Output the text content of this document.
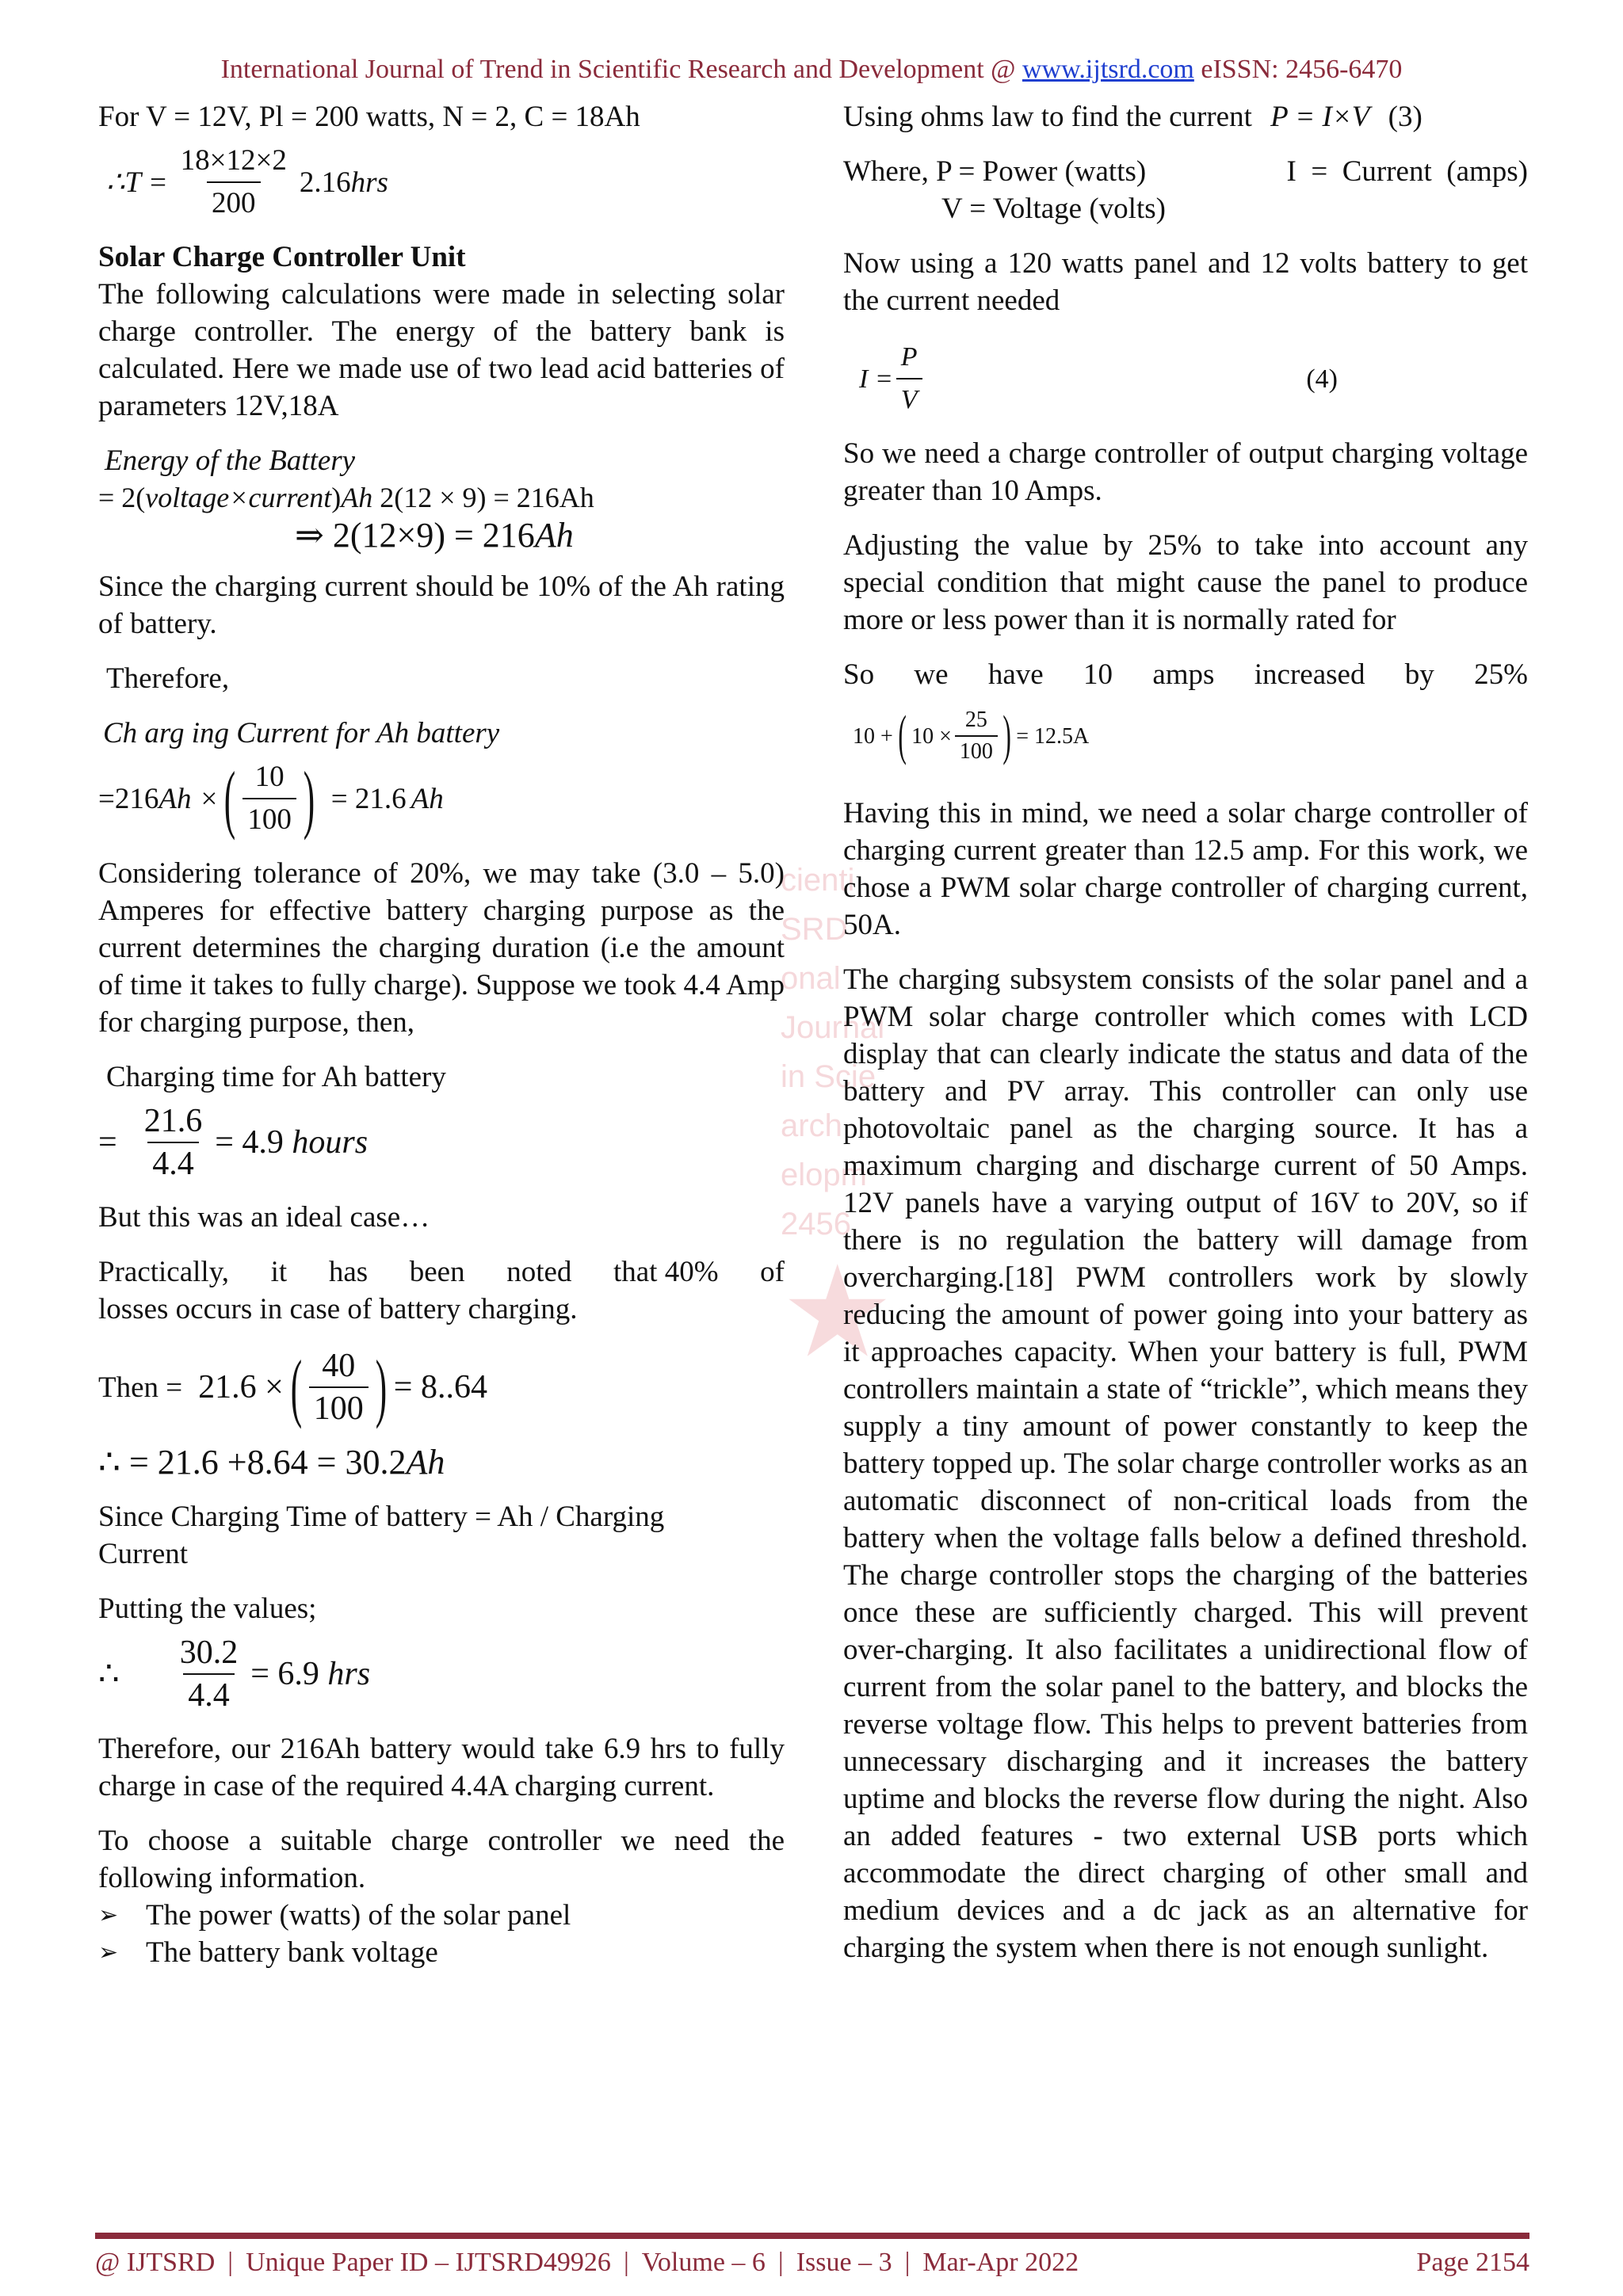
International Journal of Trend in Scientific Research and Development @ www.ijtsrd.com eISSN: 2456-6470
cienti
SRD
onal Journal
in Scie
arch
elopm
2456
★

For V = 12V, Pl = 200 watts, N = 2, C = 18Ah

∴T = $\frac{18\times 12\times 2}{200} 2.16$ hrs

Solar Charge Controller Unit

The following calculations were made in selecting solar charge controller. The energy of the battery bank is calculated. Here we made use of two lead acid batteries of parameters 12V,18A

Energy of the Battery
= 2(voltage×current)Ah 2(12 × 9) = 216Ah
⇒ 2(12×9) = 216Ah

Since the charging current should be 10% of the Ah rating of battery.

Therefore,

Ch arg ing Current for Ah battery
=216 Ah × ( $\frac{10}{100}$ ) = 21.6 Ah

Considering tolerance of 20%, we may take (3.0 – 5.0) Amperes for effective battery charging purpose as the current determines the charging duration (i.e the amount of time it takes to fully charge). Suppose we took 4.4 Amp for charging purpose, then,

Charging time for Ah battery
= $\frac{21.6}{4.4} = 4.9$
hours

But this was an ideal case…

Practically, it has been noted that 40% of

losses occurs in case of battery charging.

Then = 21.6 × ( $\frac{40}{100}$ ) = 8..64
∴ = 21.6 +8.64 = 30.2Ah
Since Charging Time of battery = Ah / Charging

Current

Putting the values;
∴ $\frac{30.2}{4.4} = 6.9$
hrs

Therefore, our 216Ah battery would take 6.9 hrs to fully charge in case of the required 4.4A charging current.

To choose a suitable charge controller we need the following information.

➢ The power (watts) of the solar panel
➢ The battery bank voltage
Using ohms law to find the current P = I×V (3)
Where, P = Power (watts)	I  =  Current  (amps)

V = Voltage (volts)

Now using a 120 watts panel and 12 volts battery to get the current needed

$I = \frac{P}{V}$	(4)

So we need a charge controller of output charging voltage greater than 10 Amps.

Adjusting the value by 25% to take into account any special condition that might cause the panel to produce more or less power than it is normally rated for

So we have 10 amps increased by 25%
10 + ( $10 \times \frac{25}{100}$ ) = 12.5A

Having this in mind, we need a solar charge controller of charging current greater than 12.5 amp. For this work, we chose a PWM solar charge controller of charging current, 50A.

The charging subsystem consists of the solar panel and a PWM solar charge controller which comes with LCD display that can clearly indicate the status and data of the battery and PV array. This controller can only use photovoltaic panel as the charging source. It has a maximum charging and discharge current of 50 Amps. 12V panels have a varying output of 16V to 20V, so if there is no regulation the battery will damage from overcharging.[18] PWM controllers work by slowly reducing the amount of power going into your battery as it approaches capacity. When your battery is full, PWM controllers maintain a state of “trickle”, which means they supply a tiny amount of power constantly to keep the battery topped up. The solar charge controller works as an automatic disconnect of non-critical loads from the battery when the voltage falls below a defined threshold. The charge controller stops the charging of the batteries once these are sufficiently charged. This will prevent over-charging. It also facilitates a unidirectional flow of current from the solar panel to the battery, and blocks the reverse voltage flow. This helps to prevent batteries from unnecessary discharging and it increases the battery uptime and blocks the reverse flow during the night. Also an added features - two external USB ports which accommodate the direct charging of other small and medium devices and a dc jack as an alternative for charging the system when there is not enough sunlight.

@ IJTSRD | Unique Paper ID – IJTSRD49926 | Volume – 6 | Issue – 3 | Mar-Apr 2022	Page 2154
